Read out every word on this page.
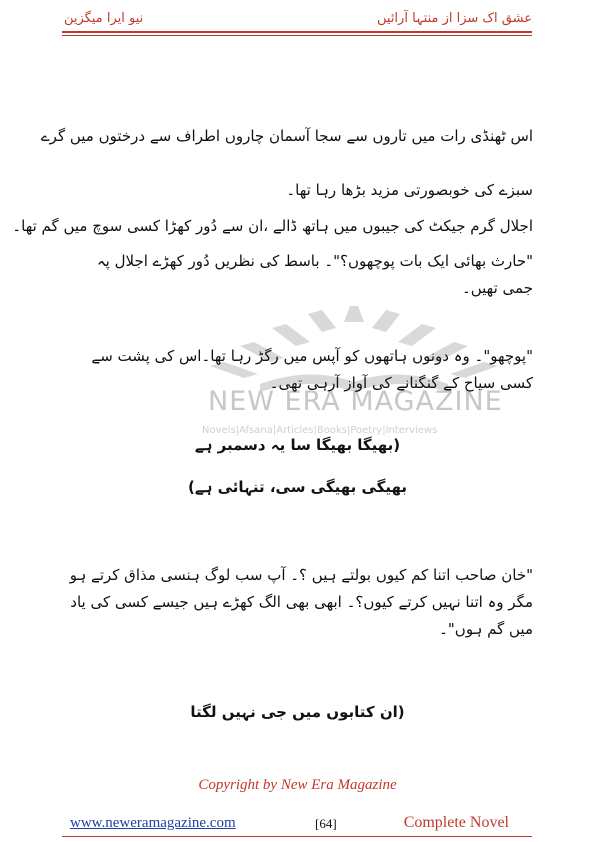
نیو ایرا میگزین	عشق اک سزا از منتہا آرائیں
NEW ERA MAGAZINE
Novels|Afsana|Articles|Books|Poetry|Interviews
اس ٹھنڈی رات میں تاروں سے سجا آسمان چاروں اطراف سے درختوں میں گرے
سبزے کی خوبصورتی مزید بڑھا رہا تھا۔
اجلال گرم جیکٹ کی جیبوں میں ہاتھ ڈالے ،ان سے دُور کھڑا کسی سوچ میں گم تھا۔
"حارث بھائی ایک بات پوچھوں؟"۔ باسط کی نظریں دُور کھڑے اجلال پہ جمی تھیں۔
"پوچھو"۔ وہ دونوں ہاتھوں کو آپس میں رگڑ رہا تھا۔اس کی پشت سے کسی سیاح کے گنگنانے کی آواز آرہی تھی۔
(بھیگا بھیگا سا یہ دسمبر ہے
بھیگی بھیگی سی، تنہائی ہے)
"خان صاحب اتنا کم کیوں بولتے ہیں ؟۔ آپ سب لوگ ہنسی مذاق کرتے ہو مگر وہ اتنا نہیں کرتے کیوں؟۔ ابھی بھی الگ کھڑے ہیں جیسے کسی کی یاد میں گم ہوں"۔
(ان کتابوں میں جی نہیں لگتا
Copyright by New Era Magazine
www.neweramagazine.com	[64]	Complete Novel
